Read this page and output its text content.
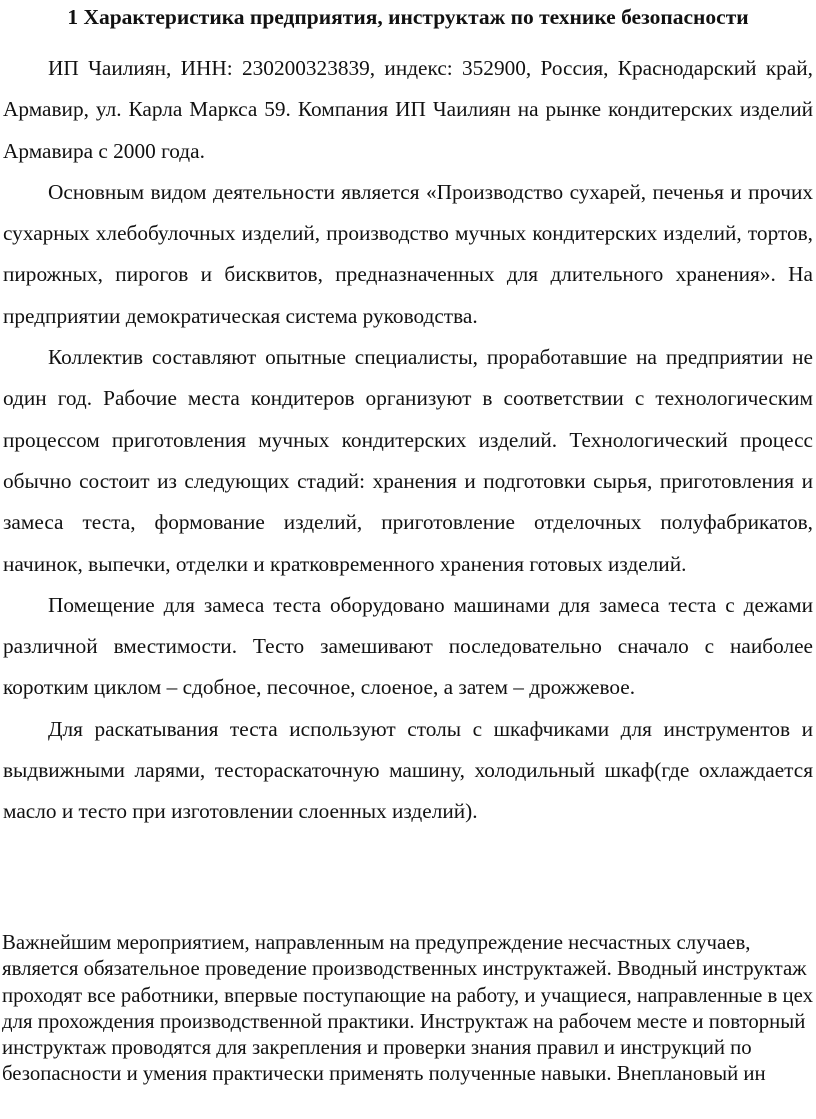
1 Характеристика предприятия, инструктаж по технике безопасности

ИП Чаилиян, ИНН: 230200323839, индекс: 352900, Россия, Краснодарский край, Армавир, ул. Карла Маркса 59. Компания ИП Чаилиян на рынке кондитерских изделий Армавира с 2000 года.

Основным видом деятельности является «Производство сухарей, печенья и прочих сухарных хлебобулочных изделий, производство мучных кондитерских изделий, тортов, пирожных, пирогов и бисквитов, предназначенных для длительного хранения». На предприятии демократическая система руководства.

Коллектив составляют опытные специалисты, проработавшие на предприятии не один год. Рабочие места кондитеров организуют в соответствии с технологическим процессом приготовления мучных кондитерских изделий. Технологический процесс обычно состоит из следующих стадий: хранения и подготовки сырья, приготовления и замеса теста, формование изделий, приготовление отделочных полуфабрикатов, начинок, выпечки, отделки и кратковременного хранения готовых изделий.

Помещение для замеса теста оборудовано машинами для замеса теста с дежами различной вместимости. Тесто замешивают последовательно сначало с наиболее коротким циклом – сдобное, песочное, слоеное, а затем – дрожжевое.

Для раскатывания теста используют столы с шкафчиками для инструментов и выдвижными ларями, тестораскаточную машину, холодильный шкаф(где охлаждается масло и тесто при изготовлении слоенных изделий).

Важнейшим мероприятием, направленным на предупреждение несчастных случаев, является обязательное проведение производственных инструктажей. Вводный инструктаж проходят все работники, впервые поступающие на работу, и учащиеся, направленные в цех для прохождения производственной практики. Инструктаж на рабочем месте и повторный инструктаж проводятся для закрепления и проверки знания правил и инструкций по безопасности и умения практически применять полученные навыки. Внеплановый ин
